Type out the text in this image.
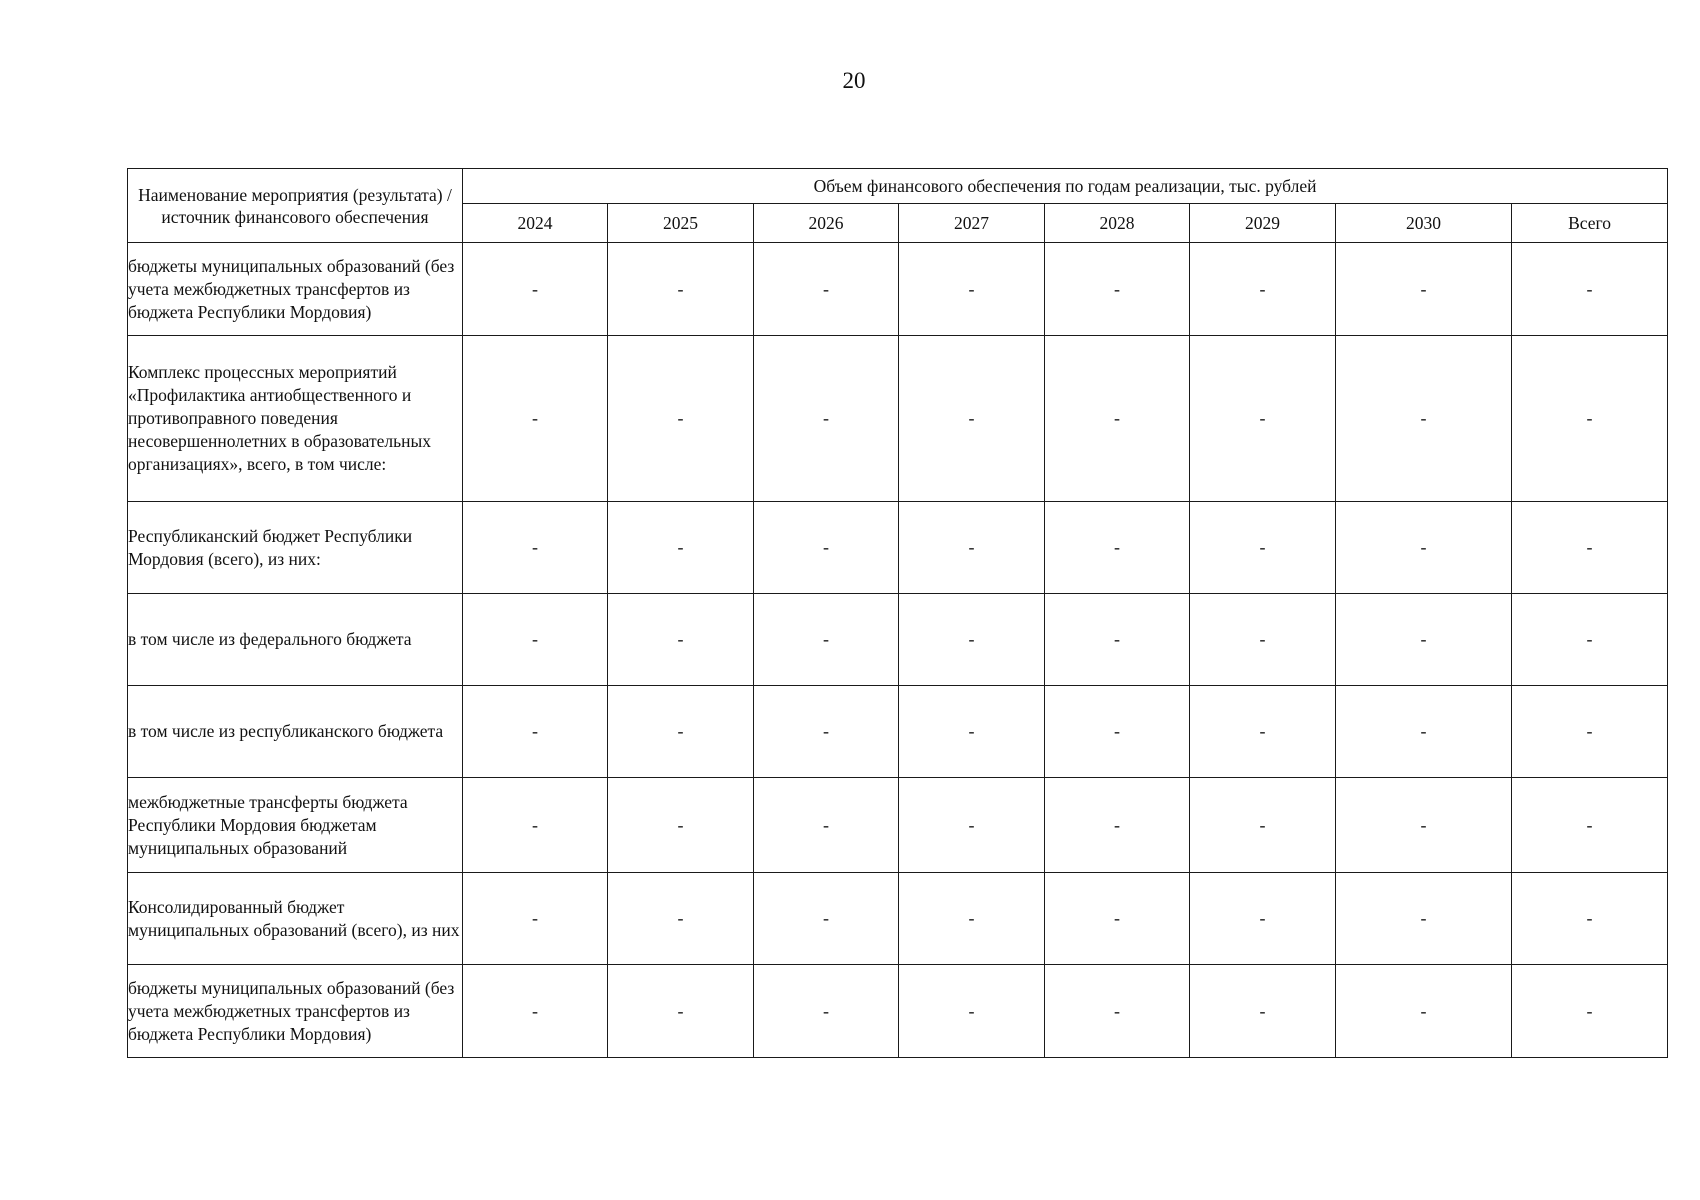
20
Наименование мероприятия (результата) / источник финансового обеспечения	Объем финансового обеспечения по годам реализации, тыс. рублей							
	2024	2025	2026	2027	2028	2029	2030	Всего
бюджеты муниципальных образований (без учета межбюджетных трансфертов из бюджета Республики Мордовия)	-	-	-	-	-	-	-	-
Комплекс процессных мероприятий «Профилактика антиобщественного и противоправного поведения несовершеннолетних в образовательных организациях», всего, в том числе:	-	-	-	-	-	-	-	-
Республиканский бюджет Республики Мордовия (всего), из них:	-	-	-	-	-	-	-	-
в том числе из федерального бюджета	-	-	-	-	-	-	-	-
в том числе из республиканского бюджета	-	-	-	-	-	-	-	-
межбюджетные трансферты бюджета Республики Мордовия бюджетам муниципальных образований	-	-	-	-	-	-	-	-
Консолидированный бюджет муниципальных образований (всего), из них	-	-	-	-	-	-	-	-
бюджеты муниципальных образований (без учета межбюджетных трансфертов из бюджета Республики Мордовия)	-	-	-	-	-	-	-	-
